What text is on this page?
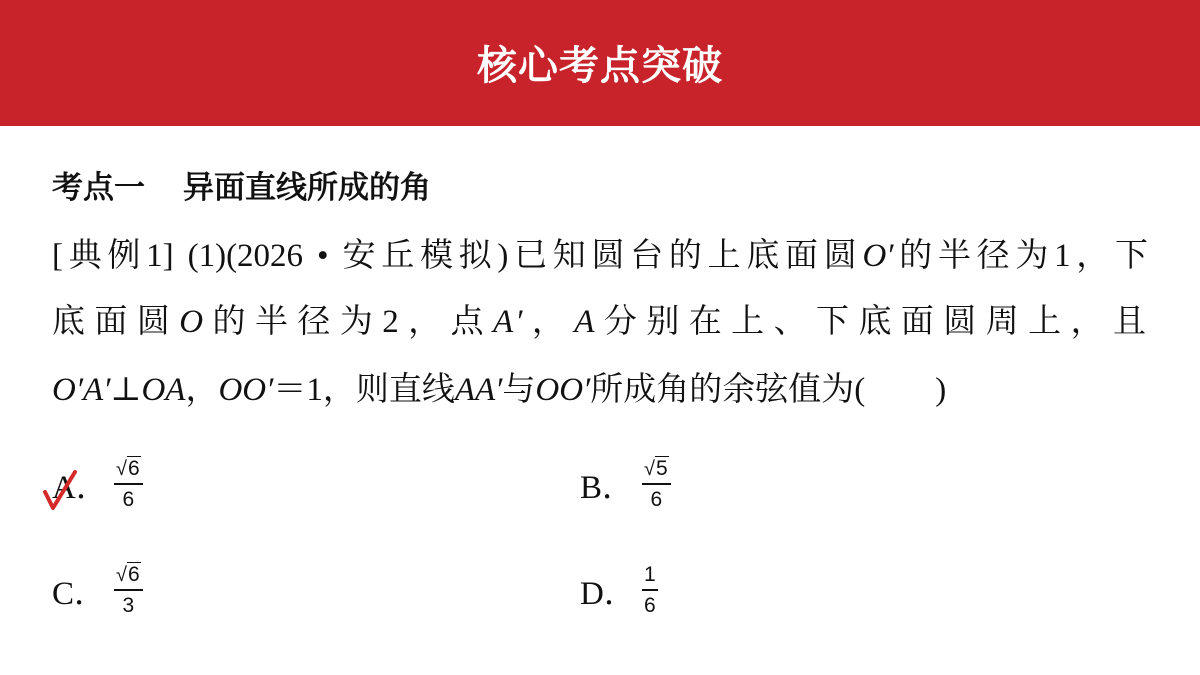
核心考点突破
考点一 异面直线所成的角
[典例1] (1)(2026 • 安丘模拟)已知圆台的上底面圆O′的半径为1，下
底面圆O的半径为2，点A′，A分别在上、下底面圆周上，且
O′A′⊥OA，OO′＝1，则直线AA′与OO′所成角的余弦值为( )
A． $\frac{√6}{6}$	B． $\frac{√5}{6}$
C． $\frac{√6}{3}$	D． $\frac{1}{6}$
